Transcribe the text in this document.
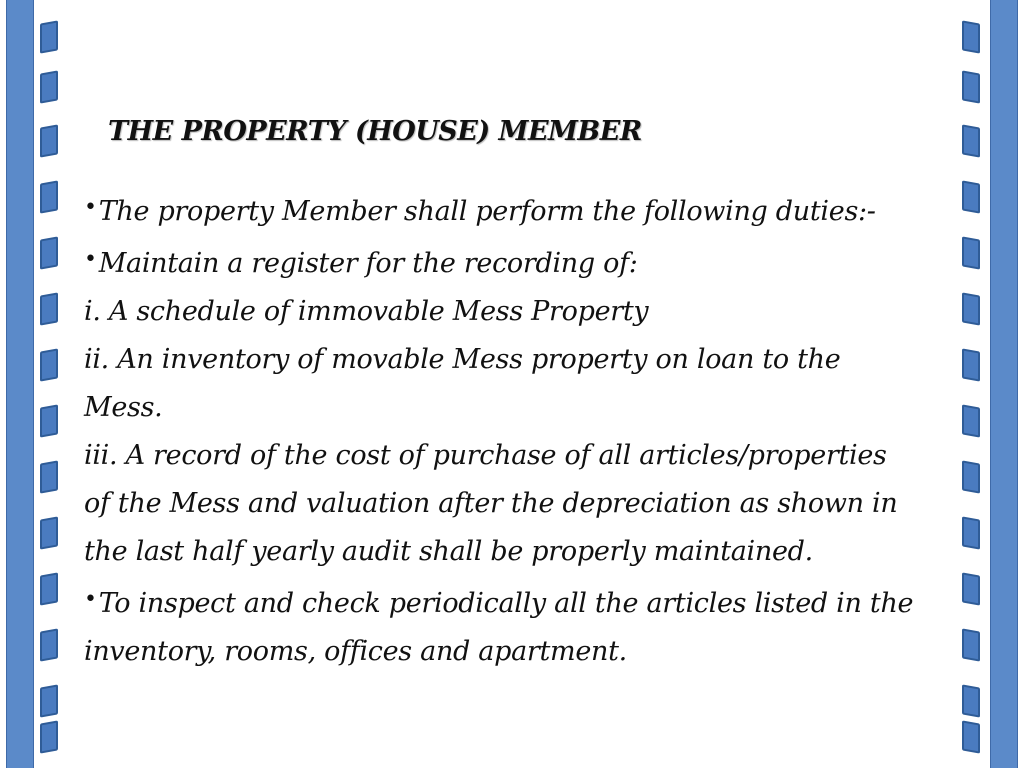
THE PROPERTY (HOUSE) MEMBER
• The property Member shall perform the following duties:-
• Maintain a register for the recording of:
i. A schedule of immovable Mess Property
ii. An inventory of movable Mess property on loan to the
Mess.
iii. A record of the cost of purchase of all articles/properties
of the Mess and valuation after the depreciation as shown in
the last half yearly audit shall be properly maintained.
• To inspect and check periodically all the articles listed in the
inventory, rooms, offices and apartment.
